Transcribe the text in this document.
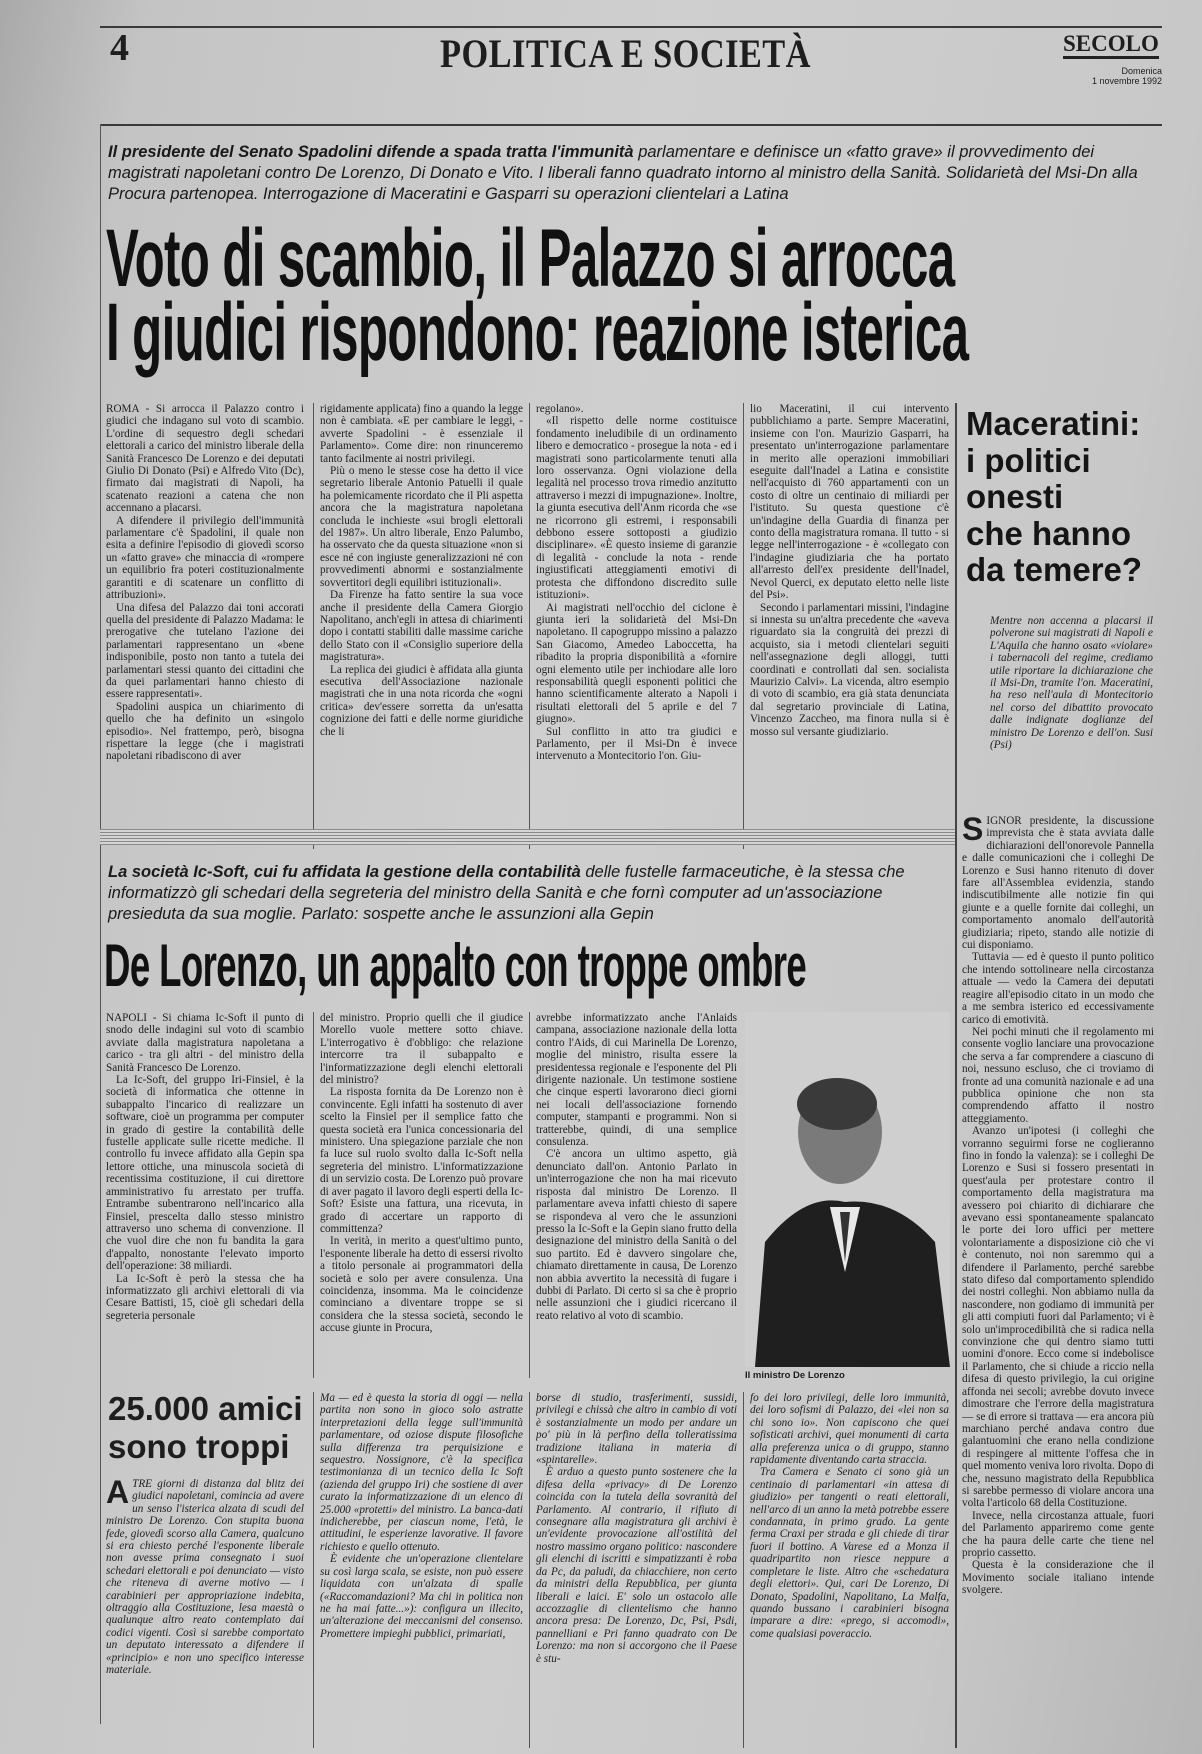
4	POLITICA E SOCIETÀ	SECOLO
Domenica
1 novembre 1992
Il presidente del Senato Spadolini difende a spada tratta l'immunità parlamentare e definisce un «fatto grave» il provvedimento dei magistrati napoletani contro De Lorenzo, Di Donato e Vito. I liberali fanno quadrato intorno al ministro della Sanità. Solidarietà del Msi-Dn alla Procura partenopea. Interrogazione di Maceratini e Gasparri su operazioni clientelari a Latina
Voto di scambio, il Palazzo si arrocca
I giudici rispondono: reazione isterica

ROMA - Si arrocca il Palazzo contro i giudici che indagano sul voto di scambio. L'ordine di sequestro degli schedari elettorali a carico del ministro liberale della Sanità Francesco De Lorenzo e dei deputati Giulio Di Donato (Psi) e Alfredo Vito (Dc), firmato dai magistrati di Napoli, ha scatenato reazioni a catena che non accennano a placarsi.

A difendere il privilegio dell'immunità parlamentare c'è Spadolini, il quale non esita a definire l'episodio di giovedì scorso un «fatto grave» che minaccia di «rompere un equilibrio fra poteri costituzionalmente garantiti e di scatenare un conflitto di attribuzioni».

Una difesa del Palazzo dai toni accorati quella del presidente di Palazzo Madama: le prerogative che tutelano l'azione dei parlamentari rappresentano un «bene indisponibile, posto non tanto a tutela dei parlamentari stessi quanto dei cittadini che da quei parlamentari hanno chiesto di essere rappresentati».

Spadolini auspica un chiarimento di quello che ha definito un «singolo episodio». Nel frattempo, però, bisogna rispettare la legge (che i magistrati napoletani ribadiscono di aver

rigidamente applicata) fino a quando la legge non è cambiata. «E per cambiare le leggi, - avverte Spadolini - è essenziale il Parlamento». Come dire: non rinunceremo tanto facilmente ai nostri privilegi.

Più o meno le stesse cose ha detto il vice segretario liberale Antonio Patuelli il quale ha polemicamente ricordato che il Pli aspetta ancora che la magistratura napoletana concluda le inchieste «sui brogli elettorali del 1987». Un altro liberale, Enzo Palumbo, ha osservato che da questa situazione «non si esce né con ingiuste generalizzazioni né con provvedimenti abnormi e sostanzialmente sovvertitori degli equilibri istituzionali».

Da Firenze ha fatto sentire la sua voce anche il presidente della Camera Giorgio Napolitano, anch'egli in attesa di chiarimenti dopo i contatti stabiliti dalle massime cariche dello Stato con il «Consiglio superiore della magistratura».

La replica dei giudici è affidata alla giunta esecutiva dell'Associazione nazionale magistrati che in una nota ricorda che «ogni critica» dev'essere sorretta da un'esatta cognizione dei fatti e delle norme giuridiche che li

regolano».

«Il rispetto delle norme costituisce fondamento ineludibile di un ordinamento libero e democratico - prosegue la nota - ed i magistrati sono particolarmente tenuti alla loro osservanza. Ogni violazione della legalità nel processo trova rimedio anzitutto attraverso i mezzi di impugnazione». Inoltre, la giunta esecutiva dell'Anm ricorda che «se ne ricorrono gli estremi, i responsabili debbono essere sottoposti a giudizio disciplinare». «È questo insieme di garanzie di legalità - conclude la nota - rende ingiustificati atteggiamenti emotivi di protesta che diffondono discredito sulle istituzioni».

Ai magistrati nell'occhio del ciclone è giunta ieri la solidarietà del Msi-Dn napoletano. Il capogruppo missino a palazzo San Giacomo, Amedeo Laboccetta, ha ribadito la propria disponibilità a «fornire ogni elemento utile per inchiodare alle loro responsabilità quegli esponenti politici che hanno scientificamente alterato a Napoli i risultati elettorali del 5 aprile e del 7 giugno».

Sul conflitto in atto tra giudici e Parlamento, per il Msi-Dn è invece intervenuto a Montecitorio l'on. Giu-

lio Maceratini, il cui intervento pubblichiamo a parte. Sempre Maceratini, insieme con l'on. Maurizio Gasparri, ha presentato un'interrogazione parlamentare in merito alle operazioni immobiliari eseguite dall'Inadel a Latina e consistite nell'acquisto di 760 appartamenti con un costo di oltre un centinaio di miliardi per l'istituto. Su questa questione c'è un'indagine della Guardia di finanza per conto della magistratura romana. Il tutto - si legge nell'interrogazione - è «collegato con l'indagine giudiziaria che ha portato all'arresto dell'ex presidente dell'Inadel, Nevol Querci, ex deputato eletto nelle liste del Psi».

Secondo i parlamentari missini, l'indagine si innesta su un'altra precedente che «aveva riguardato sia la congruità dei prezzi di acquisto, sia i metodi clientelari seguiti nell'assegnazione degli alloggi, tutti coordinati e controllati dal sen. socialista Maurizio Calvi». La vicenda, altro esempio di voto di scambio, era già stata denunciata dal segretario provinciale di Latina, Vincenzo Zaccheo, ma finora nulla si è mosso sul versante giudiziario.

Maceratini:
i politici
onesti
che hanno
da temere?

Mentre non accenna a placarsi il polverone sui magistrati di Napoli e L'Aquila che hanno osato «violare» i tabernacoli del regime, crediamo utile riportare la dichiarazione che il Msi-Dn, tramite l'on. Maceratini, ha reso nell'aula di Montecitorio nel corso del dibattito provocato dalle indignate doglianze del ministro De Lorenzo e dell'on. Susi (Psi)

SIGNOR presidente, la discussione imprevista che è stata avviata dalle dichiarazioni dell'onorevole Pannella e dalle comunicazioni che i colleghi De Lorenzo e Susi hanno ritenuto di dover fare all'Assemblea evidenzia, stando indiscutibilmente alle notizie fin qui giunte e a quelle fornite dai colleghi, un comportamento anomalo dell'autorità giudiziaria; ripeto, stando alle notizie di cui disponiamo.

Tuttavia — ed è questo il punto politico che intendo sottolineare nella circostanza attuale — vedo la Camera dei deputati reagire all'episodio citato in un modo che a me sembra isterico ed eccessivamente carico di emotività.

Nei pochi minuti che il regolamento mi consente voglio lanciare una provocazione che serva a far comprendere a ciascuno di noi, nessuno escluso, che ci troviamo di fronte ad una comunità nazionale e ad una pubblica opinione che non sta comprendendo affatto il nostro atteggiamento.

Avanzo un'ipotesi (i colleghi che vorranno seguirmi forse ne coglieranno fino in fondo la valenza): se i colleghi De Lorenzo e Susi si fossero presentati in quest'aula per protestare contro il comportamento della magistratura ma avessero poi chiarito di dichiarare che avevano essi spontaneamente spalancato le porte dei loro uffici per mettere volontariamente a disposizione ciò che vi è contenuto, noi non saremmo qui a difendere il Parlamento, perché sarebbe stato difeso dal comportamento splendido dei nostri colleghi. Non abbiamo nulla da nascondere, non godiamo di immunità per gli atti compiuti fuori dal Parlamento; vi è solo un'improcedibilità che si radica nella convinzione che qui dentro siamo tutti uomini d'onore. Ecco come si indebolisce il Parlamento, che si chiude a riccio nella difesa di questo privilegio, la cui origine affonda nei secoli; avrebbe dovuto invece dimostrare che l'errore della magistratura — se di errore si trattava — era ancora più marchiano perché andava contro due galantuomini che erano nella condizione di respingere al mittente l'offesa che in quel momento veniva loro rivolta. Dopo di che, nessuno magistrato della Repubblica si sarebbe permesso di violare ancora una volta l'articolo 68 della Costituzione.

Invece, nella circostanza attuale, fuori del Parlamento appariremo come gente che ha paura delle carte che tiene nel proprio cassetto.

Questa è la considerazione che il Movimento sociale italiano intende svolgere.

La società Ic-Soft, cui fu affidata la gestione della contabilità delle fustelle farmaceutiche, è la stessa che informatizzò gli schedari della segreteria del ministro della Sanità e che fornì computer ad un'associazione presieduta da sua moglie. Parlato: sospette anche le assunzioni alla Gepin
De Lorenzo, un appalto con troppe ombre

NAPOLI - Si chiama Ic-Soft il punto di snodo delle indagini sul voto di scambio avviate dalla magistratura napoletana a carico - tra gli altri - del ministro della Sanità Francesco De Lorenzo.

La Ic-Soft, del gruppo Iri-Finsiel, è la società di informatica che ottenne in subappalto l'incarico di realizzare un software, cioè un programma per computer in grado di gestire la contabilità delle fustelle applicate sulle ricette mediche. Il controllo fu invece affidato alla Gepin spa lettore ottiche, una minuscola società di recentissima costituzione, il cui direttore amministrativo fu arrestato per truffa. Entrambe subentrarono nell'incarico alla Finsiel, prescelta dallo stesso ministro attraverso uno schema di convenzione. Il che vuol dire che non fu bandita la gara d'appalto, nonostante l'elevato importo dell'operazione: 38 miliardi.

La Ic-Soft è però la stessa che ha informatizzato gli archivi elettorali di via Cesare Battisti, 15, cioè gli schedari della segreteria personale

del ministro. Proprio quelli che il giudice Morello vuole mettere sotto chiave. L'interrogativo è d'obbligo: che relazione intercorre tra il subappalto e l'informatizzazione degli elenchi elettorali del ministro?

La risposta fornita da De Lorenzo non è convincente. Egli infatti ha sostenuto di aver scelto la Finsiel per il semplice fatto che questa società era l'unica concessionaria del ministero. Una spiegazione parziale che non fa luce sul ruolo svolto dalla Ic-Soft nella segreteria del ministro. L'informatizzazione di un servizio costa. De Lorenzo può provare di aver pagato il lavoro degli esperti della Ic-Soft? Esiste una fattura, una ricevuta, in grado di accertare un rapporto di committenza?

In verità, in merito a quest'ultimo punto, l'esponente liberale ha detto di essersi rivolto a titolo personale ai programmatori della società e solo per avere consulenza. Una coincidenza, insomma. Ma le coincidenze cominciano a diventare troppe se si considera che la stessa società, secondo le accuse giunte in Procura,

avrebbe informatizzato anche l'Anlaids campana, associazione nazionale della lotta contro l'Aids, di cui Marinella De Lorenzo, moglie del ministro, risulta essere la presidentessa regionale e l'esponente del Pli dirigente nazionale. Un testimone sostiene che cinque esperti lavorarono dieci giorni nei locali dell'associazione fornendo computer, stampanti e programmi. Non si tratterebbe, quindi, di una semplice consulenza.

C'è ancora un ultimo aspetto, già denunciato dall'on. Antonio Parlato in un'interrogazione che non ha mai ricevuto risposta dal ministro De Lorenzo. Il parlamentare aveva infatti chiesto di sapere se rispondeva al vero che le assunzioni presso la Ic-Soft e la Gepin siano frutto della designazione del ministro della Sanità o del suo partito. Ed è davvero singolare che, chiamato direttamente in causa, De Lorenzo non abbia avvertito la necessità di fugare i dubbi di Parlato. Di certo si sa che è proprio nelle assunzioni che i giudici ricercano il reato relativo al voto di scambio.

Il ministro De Lorenzo
25.000 amici
sono troppi

ATRE giorni di distanza dal blitz dei giudici napoletani, comincia ad avere un senso l'isterica alzata di scudi del ministro De Lorenzo. Con stupita buona fede, giovedì scorso alla Camera, qualcuno si era chiesto perché l'esponente liberale non avesse prima consegnato i suoi schedari elettorali e poi denunciato — visto che riteneva di averne motivo — i carabinieri per appropriazione indebita, oltraggio alla Costituzione, lesa maestà o qualunque altro reato contemplato dai codici vigenti. Così si sarebbe comportato un deputato interessato a difendere il «principio» e non uno specifico interesse materiale.

Ma — ed è questa la storia di oggi — nella partita non sono in gioco solo astratte interpretazioni della legge sull'immunità parlamentare, od oziose dispute filosofiche sulla differenza tra perquisizione e sequestro. Nossignore, c'è la specifica testimonianza di un tecnico della Ic Soft (azienda del gruppo Iri) che sostiene di aver curato la informatizzazione di un elenco di 25.000 «protetti» del ministro. La banca-dati indicherebbe, per ciascun nome, l'età, le attitudini, le esperienze lavorative. Il favore richiesto e quello ottenuto.

È evidente che un'operazione clientelare su così larga scala, se esiste, non può essere liquidata con un'alzata di spalle («Raccomandazioni? Ma chi in politica non ne ha mai fatte...»): configura un illecito, un'alterazione dei meccanismi del consenso. Promettere impieghi pubblici, primariati,

borse di studio, trasferimenti, sussidi, privilegi e chissà che altro in cambio di voti è sostanzialmente un modo per andare un po' più in là perfino della tolleratissima tradizione italiana in materia di «spintarelle».

È arduo a questo punto sostenere che la difesa della «privacy» di De Lorenzo coincida con la tutela della sovranità del Parlamento. Al contrario, il rifiuto di consegnare alla magistratura gli archivi è un'evidente provocazione all'ostilità del nostro massimo organo politico: nascondere gli elenchi di iscritti e simpatizzanti è roba da Pc, da paludi, da chiacchiere, non certo da ministri della Repubblica, per giunta liberali e laici. E' solo un ostacolo alle accozzaglie di clientelismo che hanno ancora presa: De Lorenzo, Dc, Psi, Psdi, pannelliani e Pri fanno quadrato con De Lorenzo: ma non si accorgono che il Paese è stu-

fo dei loro privilegi, delle loro immunità, dei loro sofismi di Palazzo, dei «lei non sa chi sono io». Non capiscono che quei sofisticati archivi, quei monumenti di carta alla preferenza unica o di gruppo, stanno rapidamente diventando carta straccia.

Tra Camera e Senato ci sono già un centinaio di parlamentari «in attesa di giudizio» per tangenti o reati elettorali, nell'arco di un anno la metà potrebbe essere condannata, in primo grado. La gente ferma Craxi per strada e gli chiede di tirar fuori il bottino. A Varese ed a Monza il quadripartito non riesce neppure a completare le liste. Altro che «schedatura degli elettori». Qui, cari De Lorenzo, Di Donato, Spadolini, Napolitano, La Malfa, quando bussano i carabinieri bisogna imparare a dire: «prego, si accomodi», come qualsiasi poveraccio.
